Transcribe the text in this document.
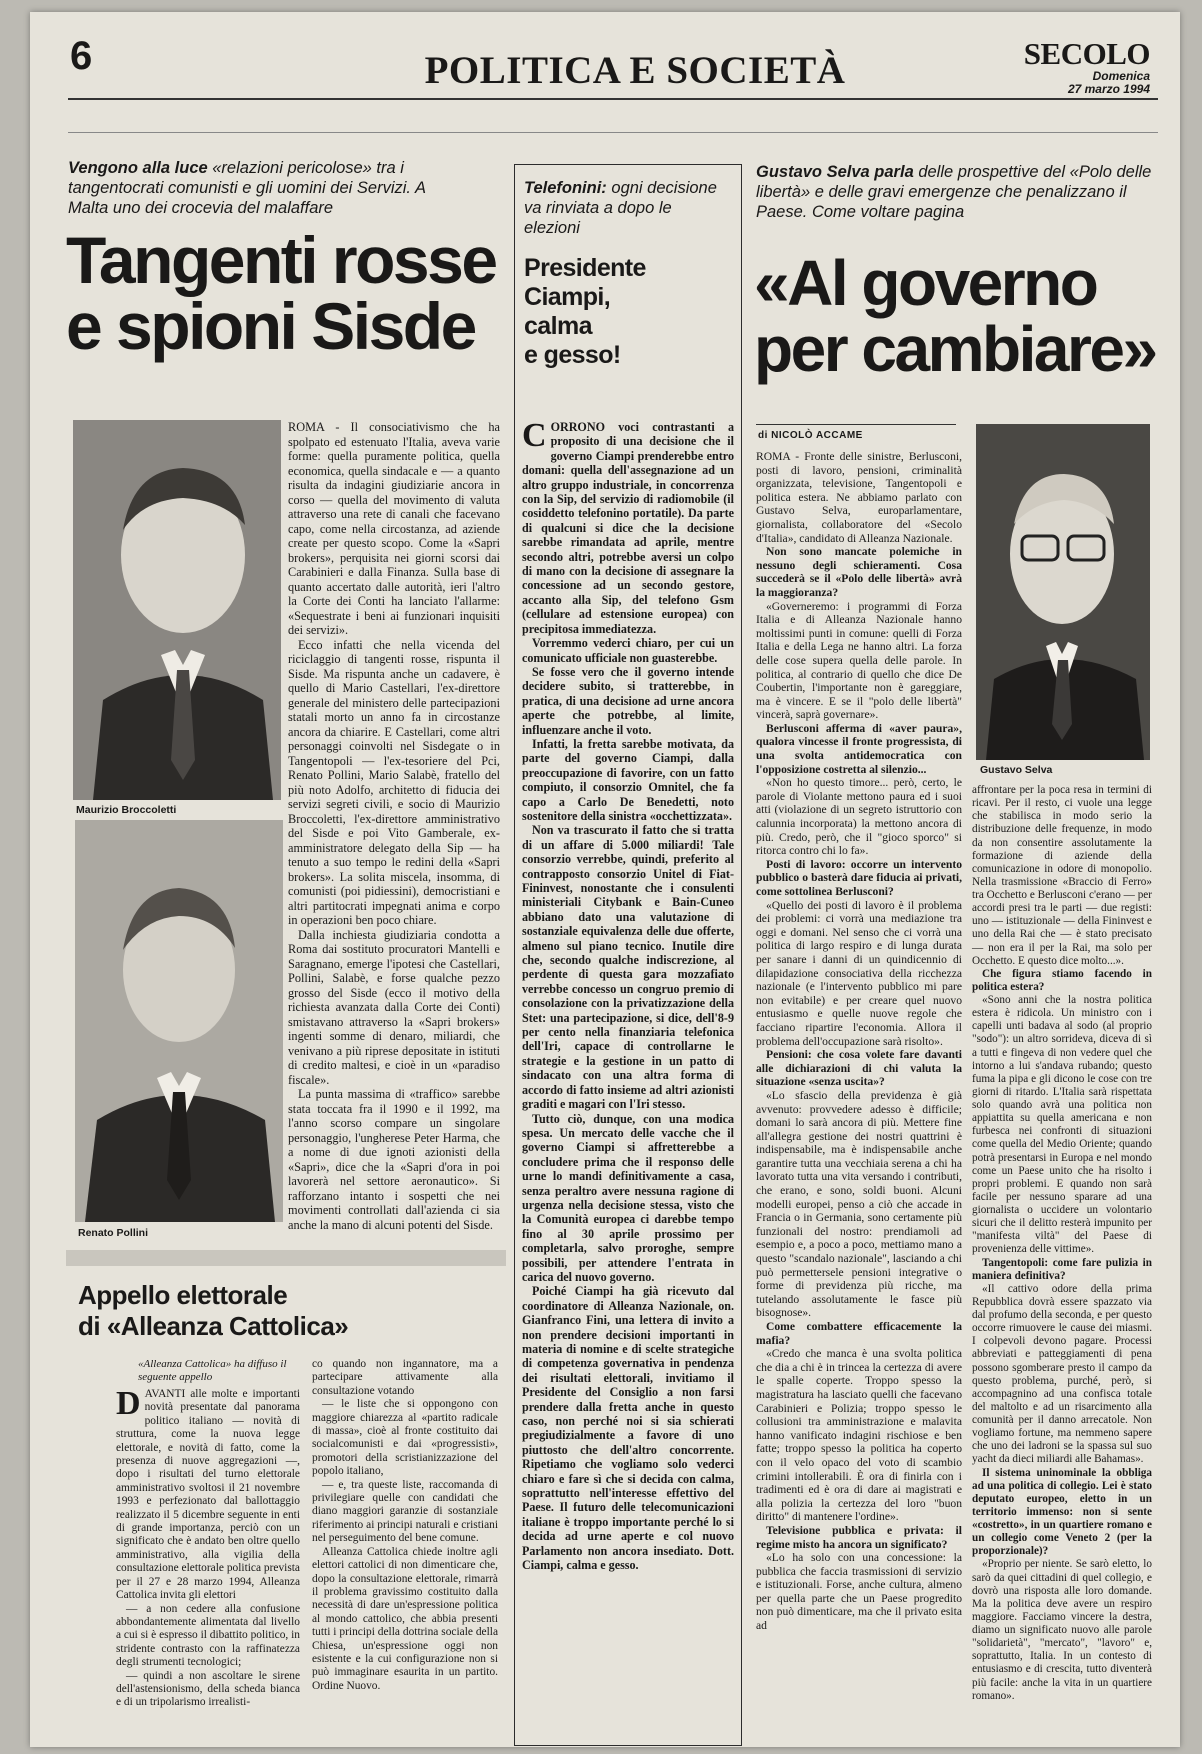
6	POLITICA E SOCIETÀ	SECOLO
Domenica
27 marzo 1994
Vengono alla luce «relazioni pericolose» tra i tangentocrati comunisti e gli uomini dei Servizi. A Malta uno dei crocevia del malaffare
Tangenti rosse
e spioni Sisde
Maurizio Broccoletti
Renato Pollini

ROMA - Il consociativismo che ha spolpato ed estenuato l'Italia, aveva varie forme: quella puramente politica, quella economica, quella sindacale e — a quanto risulta da indagini giudiziarie ancora in corso — quella del movimento di valuta attraverso una rete di canali che facevano capo, come nella circostanza, ad aziende create per questo scopo. Come la «Sapri brokers», perquisita nei giorni scorsi dai Carabinieri e dalla Finanza. Sulla base di quanto accertato dalle autorità, ieri l'altro la Corte dei Conti ha lanciato l'allarme: «Sequestrate i beni ai funzionari inquisiti dei servizi».

Ecco infatti che nella vicenda del riciclaggio di tangenti rosse, rispunta il Sisde. Ma rispunta anche un cadavere, è quello di Mario Castellari, l'ex-direttore generale del ministero delle partecipazioni statali morto un anno fa in circostanze ancora da chiarire. E Castellari, come altri personaggi coinvolti nel Sisdegate o in Tangentopoli — l'ex-tesoriere del Pci, Renato Pollini, Mario Salabè, fratello del più noto Adolfo, architetto di fiducia dei servizi segreti civili, e socio di Maurizio Broccoletti, l'ex-direttore amministrativo del Sisde e poi Vito Gamberale, ex-amministratore delegato della Sip — ha tenuto a suo tempo le redini della «Sapri brokers». La solita miscela, insomma, di comunisti (poi pidiessini), democristiani e altri partitocrati impegnati anima e corpo in operazioni ben poco chiare.

Dalla inchiesta giudiziaria condotta a Roma dai sostituto procuratori Mantelli e Saragnano, emerge l'ipotesi che Castellari, Pollini, Salabè, e forse qualche pezzo grosso del Sisde (ecco il motivo della richiesta avanzata dalla Corte dei Conti) smistavano attraverso la «Sapri brokers» ingenti somme di denaro, miliardi, che venivano a più riprese depositate in istituti di credito maltesi, e cioè in un «paradiso fiscale».

La punta massima di «traffico» sarebbe stata toccata fra il 1990 e il 1992, ma l'anno scorso compare un singolare personaggio, l'ungherese Peter Harma, che a nome di due ignoti azionisti della «Sapri», dice che la «Sapri d'ora in poi lavorerà nel settore aeronautico». Si rafforzano intanto i sospetti che nei movimenti controllati dall'azienda ci sia anche la mano di alcuni potenti del Sisde.

Appello elettorale
di «Alleanza Cattolica»
«Alleanza Cattolica» ha diffuso il seguente appello
D AVANTI alle molte e importanti novità presentate dal panorama politico italiano — novità di struttura, come la nuova legge elettorale, e novità di fatto, come la presenza di nuove aggregazioni —, dopo i risultati del turno elettorale amministrativo svoltosi il 21 novembre 1993 e perfezionato dal ballottaggio realizzato il 5 dicembre seguente in enti di grande importanza, perciò con un significato che è andato ben oltre quello amministrativo, alla vigilia della consultazione elettorale politica prevista per il 27 e 28 marzo 1994, Alleanza Cattolica invita gli elettori

— a non cedere alla confusione abbondantemente alimentata dal livello a cui si è espresso il dibattito politico, in stridente contrasto con la raffinatezza degli strumenti tecnologici;

— quindi a non ascoltare le sirene dell'astensionismo, della scheda bianca e di un tripolarismo irrealisti-

co quando non ingannatore, ma a partecipare attivamente alla consultazione votando

— le liste che si oppongono con maggiore chiarezza al «partito radicale di massa», cioè al fronte costituito dai socialcomunisti e dai «progressisti», promotori della scristianizzazione del popolo italiano,

— e, tra queste liste, raccomanda di privilegiare quelle con candidati che diano maggiori garanzie di sostanziale riferimento ai principi naturali e cristiani nel perseguimento del bene comune.

Alleanza Cattolica chiede inoltre agli elettori cattolici di non dimenticare che, dopo la consultazione elettorale, rimarrà il problema gravissimo costituito dalla necessità di dare un'espressione politica al mondo cattolico, che abbia presenti tutti i principi della dottrina sociale della Chiesa, un'espressione oggi non esistente e la cui configurazione non si può immaginare esaurita in un partito. Ordine Nuovo.

Telefonini: ogni decisione va rinviata a dopo le elezioni
Presidente
Ciampi,
calma
e gesso!
C ORRONO voci contrastanti a proposito di una decisione che il governo Ciampi prenderebbe entro domani: quella dell'assegnazione ad un altro gruppo industriale, in concorrenza con la Sip, del servizio di radiomobile (il cosiddetto telefonino portatile). Da parte di qualcuni si dice che la decisione sarebbe rimandata ad aprile, mentre secondo altri, potrebbe aversi un colpo di mano con la decisione di assegnare la concessione ad un secondo gestore, accanto alla Sip, del telefono Gsm (cellulare ad estensione europea) con precipitosa immediatezza.

Vorremmo vederci chiaro, per cui un comunicato ufficiale non guasterebbe.

Se fosse vero che il governo intende decidere subito, si tratterebbe, in pratica, di una decisione ad urne ancora aperte che potrebbe, al limite, influenzare anche il voto.

Infatti, la fretta sarebbe motivata, da parte del governo Ciampi, dalla preoccupazione di favorire, con un fatto compiuto, il consorzio Omnitel, che fa capo a Carlo De Benedetti, noto sostenitore della sinistra «occhettizzata».

Non va trascurato il fatto che si tratta di un affare di 5.000 miliardi! Tale consorzio verrebbe, quindi, preferito al contrapposto consorzio Unitel di Fiat-Fininvest, nonostante che i consulenti ministeriali Citybank e Bain-Cuneo abbiano dato una valutazione di sostanziale equivalenza delle due offerte, almeno sul piano tecnico. Inutile dire che, secondo qualche indiscrezione, al perdente di questa gara mozzafiato verrebbe concesso un congruo premio di consolazione con la privatizzazione della Stet: una partecipazione, si dice, dell'8-9 per cento nella finanziaria telefonica dell'Iri, capace di controllarne le strategie e la gestione in un patto di sindacato con una altra forma di accordo di fatto insieme ad altri azionisti graditi e magari con l'Iri stesso.

Tutto ciò, dunque, con una modica spesa. Un mercato delle vacche che il governo Ciampi si affretterebbe a concludere prima che il responso delle urne lo mandi definitivamente a casa, senza peraltro avere nessuna ragione di urgenza nella decisione stessa, visto che la Comunità europea ci darebbe tempo fino al 30 aprile prossimo per completarla, salvo proroghe, sempre possibili, per attendere l'entrata in carica del nuovo governo.

Poiché Ciampi ha già ricevuto dal coordinatore di Alleanza Nazionale, on. Gianfranco Fini, una lettera di invito a non prendere decisioni importanti in materia di nomine e di scelte strategiche di competenza governativa in pendenza dei risultati elettorali, invitiamo il Presidente del Consiglio a non farsi prendere dalla fretta anche in questo caso, non perché noi si sia schierati pregiudizialmente a favore di uno piuttosto che dell'altro concorrente. Ripetiamo che vogliamo solo vederci chiaro e fare sì che si decida con calma, soprattutto nell'interesse effettivo del Paese. Il futuro delle telecomunicazioni italiane è troppo importante perché lo si decida ad urne aperte e col nuovo Parlamento non ancora insediato. Dott. Ciampi, calma e gesso.

Gustavo Selva parla delle prospettive del «Polo delle libertà» e delle gravi emergenze che penalizzano il Paese. Come voltare pagina
«Al governo
per cambiare»
di NICOLÒ ACCAME
Gustavo Selva

ROMA - Fronte delle sinistre, Berlusconi, posti di lavoro, pensioni, criminalità organizzata, televisione, Tangentopoli e politica estera. Ne abbiamo parlato con Gustavo Selva, europarlamentare, giornalista, collaboratore del «Secolo d'Italia», candidato di Alleanza Nazionale.

Non sono mancate polemiche in nessuno degli schieramenti. Cosa succederà se il «Polo delle libertà» avrà la maggioranza?

«Governeremo: i programmi di Forza Italia e di Alleanza Nazionale hanno moltissimi punti in comune: quelli di Forza Italia e della Lega ne hanno altri. La forza delle cose supera quella delle parole. In politica, al contrario di quello che dice De Coubertin, l'importante non è gareggiare, ma è vincere. E se il "polo delle libertà" vincerà, saprà governare».

Berlusconi afferma di «aver paura», qualora vincesse il fronte progressista, di una svolta antidemocratica con l'opposizione costretta al silenzio...

«Non ho questo timore... però, certo, le parole di Violante mettono paura ed i suoi atti (violazione di un segreto istruttorio con calunnia incorporata) la mettono ancora di più. Credo, però, che il "gioco sporco" si ritorca contro chi lo fa».

Posti di lavoro: occorre un intervento pubblico o basterà dare fiducia ai privati, come sottolinea Berlusconi?

«Quello dei posti di lavoro è il problema dei problemi: ci vorrà una mediazione tra oggi e domani. Nel senso che ci vorrà una politica di largo respiro e di lunga durata per sanare i danni di un quindicennio di dilapidazione consociativa della ricchezza nazionale (e l'intervento pubblico mi pare non evitabile) e per creare quel nuovo entusiasmo e quelle nuove regole che facciano ripartire l'economia. Allora il problema dell'occupazione sarà risolto».

Pensioni: che cosa volete fare davanti alle dichiarazioni di chi valuta la situazione «senza uscita»?

«Lo sfascio della previdenza è già avvenuto: provvedere adesso è difficile; domani lo sarà ancora di più. Mettere fine all'allegra gestione dei nostri quattrini è indispensabile, ma è indispensabile anche garantire tutta una vecchiaia serena a chi ha lavorato tutta una vita versando i contributi, che erano, e sono, soldi buoni. Alcuni modelli europei, penso a ciò che accade in Francia o in Germania, sono certamente più funzionali del nostro: prendiamoli ad esempio e, a poco a poco, mettiamo mano a questo "scandalo nazionale", lasciando a chi può permettersele pensioni integrative o forme di previdenza più ricche, ma tutelando assolutamente le fasce più bisognose».

Come combattere efficacemente la mafia?

«Credo che manca è una svolta politica che dia a chi è in trincea la certezza di avere le spalle coperte. Troppo spesso la magistratura ha lasciato quelli che facevano Carabinieri e Polizia; troppo spesso le collusioni tra amministrazione e malavita hanno vanificato indagini rischiose e ben fatte; troppo spesso la politica ha coperto con il velo opaco del voto di scambio crimini intollerabili. È ora di finirla con i tradimenti ed è ora di dare ai magistrati e alla polizia la certezza del loro "buon diritto" di mantenere l'ordine».

Televisione pubblica e privata: il regime misto ha ancora un significato?

«Lo ha solo con una concessione: la pubblica che faccia trasmissioni di servizio e istituzionali. Forse, anche cultura, almeno per quella parte che un Paese progredito non può dimenticare, ma che il privato esita ad

affrontare per la poca resa in termini di ricavi. Per il resto, ci vuole una legge che stabilisca in modo serio la distribuzione delle frequenze, in modo da non consentire assolutamente la formazione di aziende della comunicazione in odore di monopolio. Nella trasmissione «Braccio di Ferro» tra Occhetto e Berlusconi c'erano — per accordi presi tra le parti — due registi: uno — istituzionale — della Fininvest e uno della Rai che — è stato precisato — non era il per la Rai, ma solo per Occhetto. E questo dice molto...».

Che figura stiamo facendo in politica estera?

«Sono anni che la nostra politica estera è ridicola. Un ministro con i capelli unti badava al sodo (al proprio "sodo"): un altro sorrideva, diceva di sì a tutti e fingeva di non vedere quel che intorno a lui s'andava rubando; questo fuma la pipa e gli dicono le cose con tre giorni di ritardo. L'Italia sarà rispettata solo quando avrà una politica non appiattita su quella americana e non furbesca nei confronti di situazioni come quella del Medio Oriente; quando potrà presentarsi in Europa e nel mondo come un Paese unito che ha risolto i propri problemi. E quando non sarà facile per nessuno sparare ad una giornalista o uccidere un volontario sicuri che il delitto resterà impunito per "manifesta viltà" del Paese di provenienza delle vittime».

Tangentopoli: come fare pulizia in maniera definitiva?

«Il cattivo odore della prima Repubblica dovrà essere spazzato via dal profumo della seconda, e per questo occorre rimuovere le cause dei miasmi. I colpevoli devono pagare. Processi abbreviati e patteggiamenti di pena possono sgomberare presto il campo da questo problema, purché, però, si accompagnino ad una confisca totale del maltolto e ad un risarcimento alla comunità per il danno arrecatole. Non vogliamo fortune, ma nemmeno sapere che uno dei ladroni se la spassa sul suo yacht da dieci miliardi alle Bahamas».

Il sistema uninominale la obbliga ad una politica di collegio. Lei è stato deputato europeo, eletto in un territorio immenso: non si sente «costretto», in un quartiere romano e un collegio come Veneto 2 (per la proporzionale)?

«Proprio per niente. Se sarò eletto, lo sarò da quei cittadini di quel collegio, e dovrò una risposta alle loro domande. Ma la politica deve avere un respiro maggiore. Facciamo vincere la destra, diamo un significato nuovo alle parole "solidarietà", "mercato", "lavoro" e, soprattutto, Italia. In un contesto di entusiasmo e di crescita, tutto diventerà più facile: anche la vita in un quartiere romano».
